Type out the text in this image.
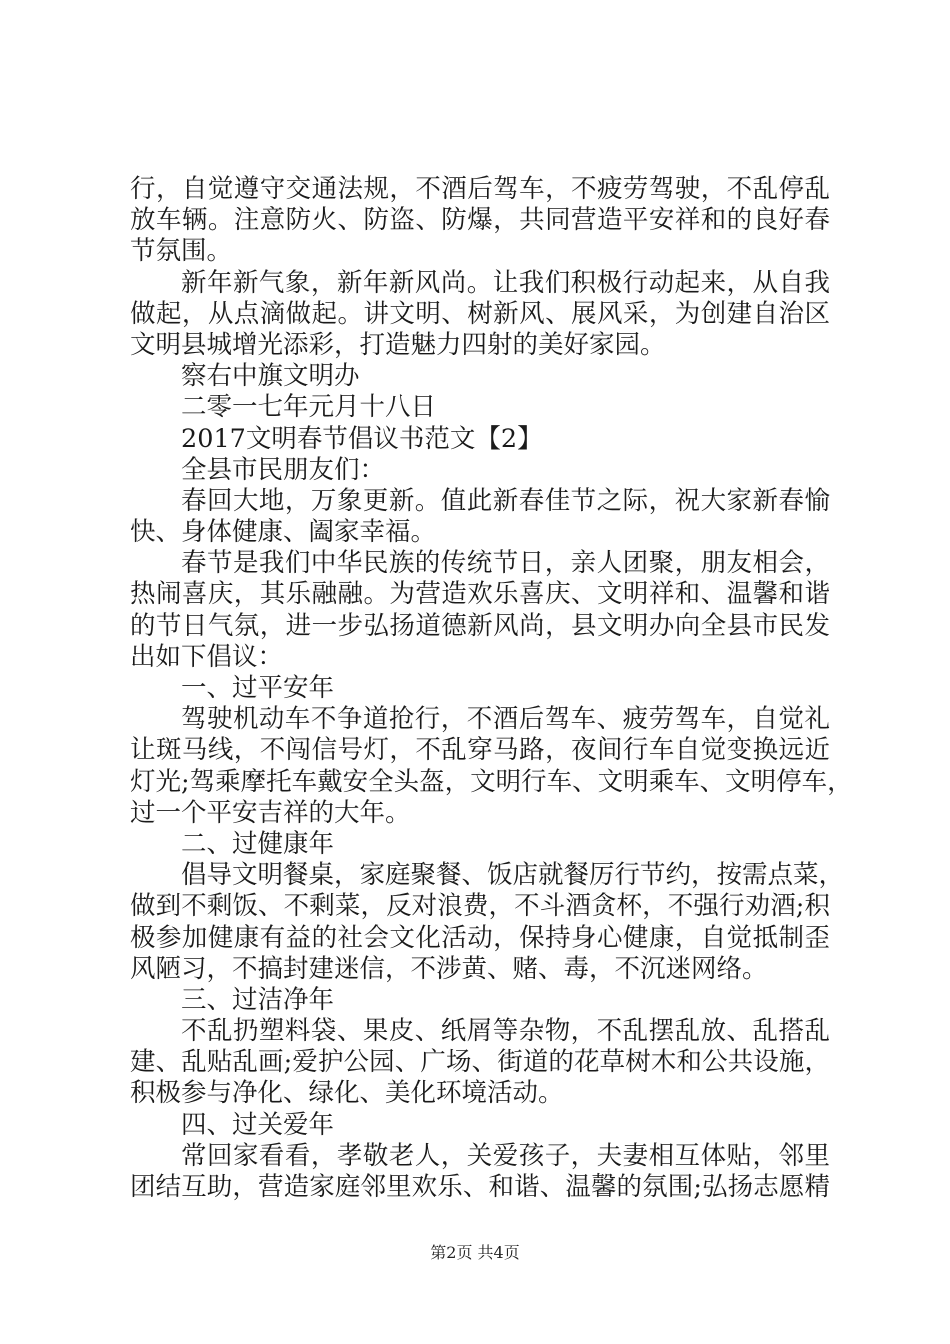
行，自觉遵守交通法规，不酒后驾车，不疲劳驾驶，不乱停乱
放车辆。注意防火、防盗、防爆，共同营造平安祥和的良好春
节氛围。
新年新气象，新年新风尚。让我们积极行动起来，从自我
做起，从点滴做起。讲文明、树新风、展风采，为创建自治区
文明县城增光添彩，打造魅力四射的美好家园。
察右中旗文明办
二零一七年元月十八日
2017文明春节倡议书范文【2】
全县市民朋友们：
春回大地，万象更新。值此新春佳节之际，祝大家新春愉
快、身体健康、阖家幸福。
春节是我们中华民族的传统节日，亲人团聚，朋友相会，
热闹喜庆，其乐融融。为营造欢乐喜庆、文明祥和、温馨和谐
的节日气氛，进一步弘扬道德新风尚，县文明办向全县市民发
出如下倡议：
一、过平安年
驾驶机动车不争道抢行，不酒后驾车、疲劳驾车，自觉礼
让斑马线，不闯信号灯，不乱穿马路，夜间行车自觉变换远近
灯光;驾乘摩托车戴安全头盔，文明行车、文明乘车、文明停车，
过一个平安吉祥的大年。
二、过健康年
倡导文明餐桌，家庭聚餐、饭店就餐厉行节约，按需点菜，
做到不剩饭、不剩菜，反对浪费，不斗酒贪杯，不强行劝酒;积
极参加健康有益的社会文化活动，保持身心健康，自觉抵制歪
风陋习，不搞封建迷信，不涉黄、赌、毒，不沉迷网络。
三、过洁净年
不乱扔塑料袋、果皮、纸屑等杂物，不乱摆乱放、乱搭乱
建、乱贴乱画;爱护公园、广场、街道的花草树木和公共设施，
积极参与净化、绿化、美化环境活动。
四、过关爱年
常回家看看，孝敬老人，关爱孩子，夫妻相互体贴，邻里
团结互助，营造家庭邻里欢乐、和谐、温馨的氛围;弘扬志愿精
第2页 共4页
